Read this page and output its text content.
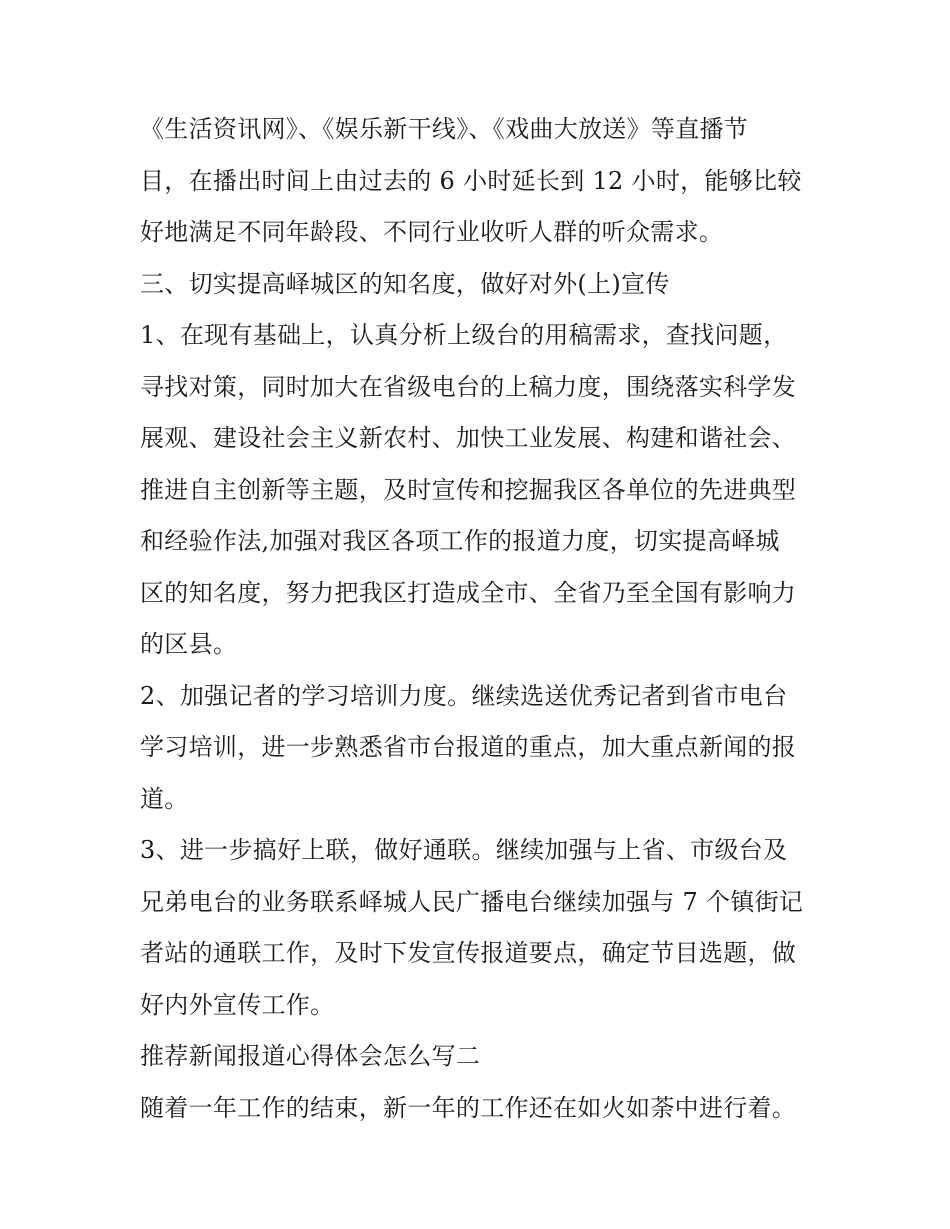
《生活资讯网》、《娱乐新干线》、《戏曲大放送》等直播节

目，在播出时间上由过去的 6 小时延长到 12 小时，能够比较

好地满足不同年龄段、不同行业收听人群的听众需求。

三、切实提高峄城区的知名度，做好对外(上)宣传

1、在现有基础上，认真分析上级台的用稿需求，查找问题，

寻找对策，同时加大在省级电台的上稿力度，围绕落实科学发

展观、建设社会主义新农村、加快工业发展、构建和谐社会、

推进自主创新等主题，及时宣传和挖掘我区各单位的先进典型

和经验作法,加强对我区各项工作的报道力度，切实提高峄城

区的知名度，努力把我区打造成全市、全省乃至全国有影响力

的区县。

2、加强记者的学习培训力度。继续选送优秀记者到省市电台

学习培训，进一步熟悉省市台报道的重点，加大重点新闻的报

道。

3、进一步搞好上联，做好通联。继续加强与上省、市级台及

兄弟电台的业务联系峄城人民广播电台继续加强与 7 个镇街记

者站的通联工作，及时下发宣传报道要点，确定节目选题，做

好内外宣传工作。

推荐新闻报道心得体会怎么写二

随着一年工作的结束，新一年的工作还在如火如荼中进行着。
